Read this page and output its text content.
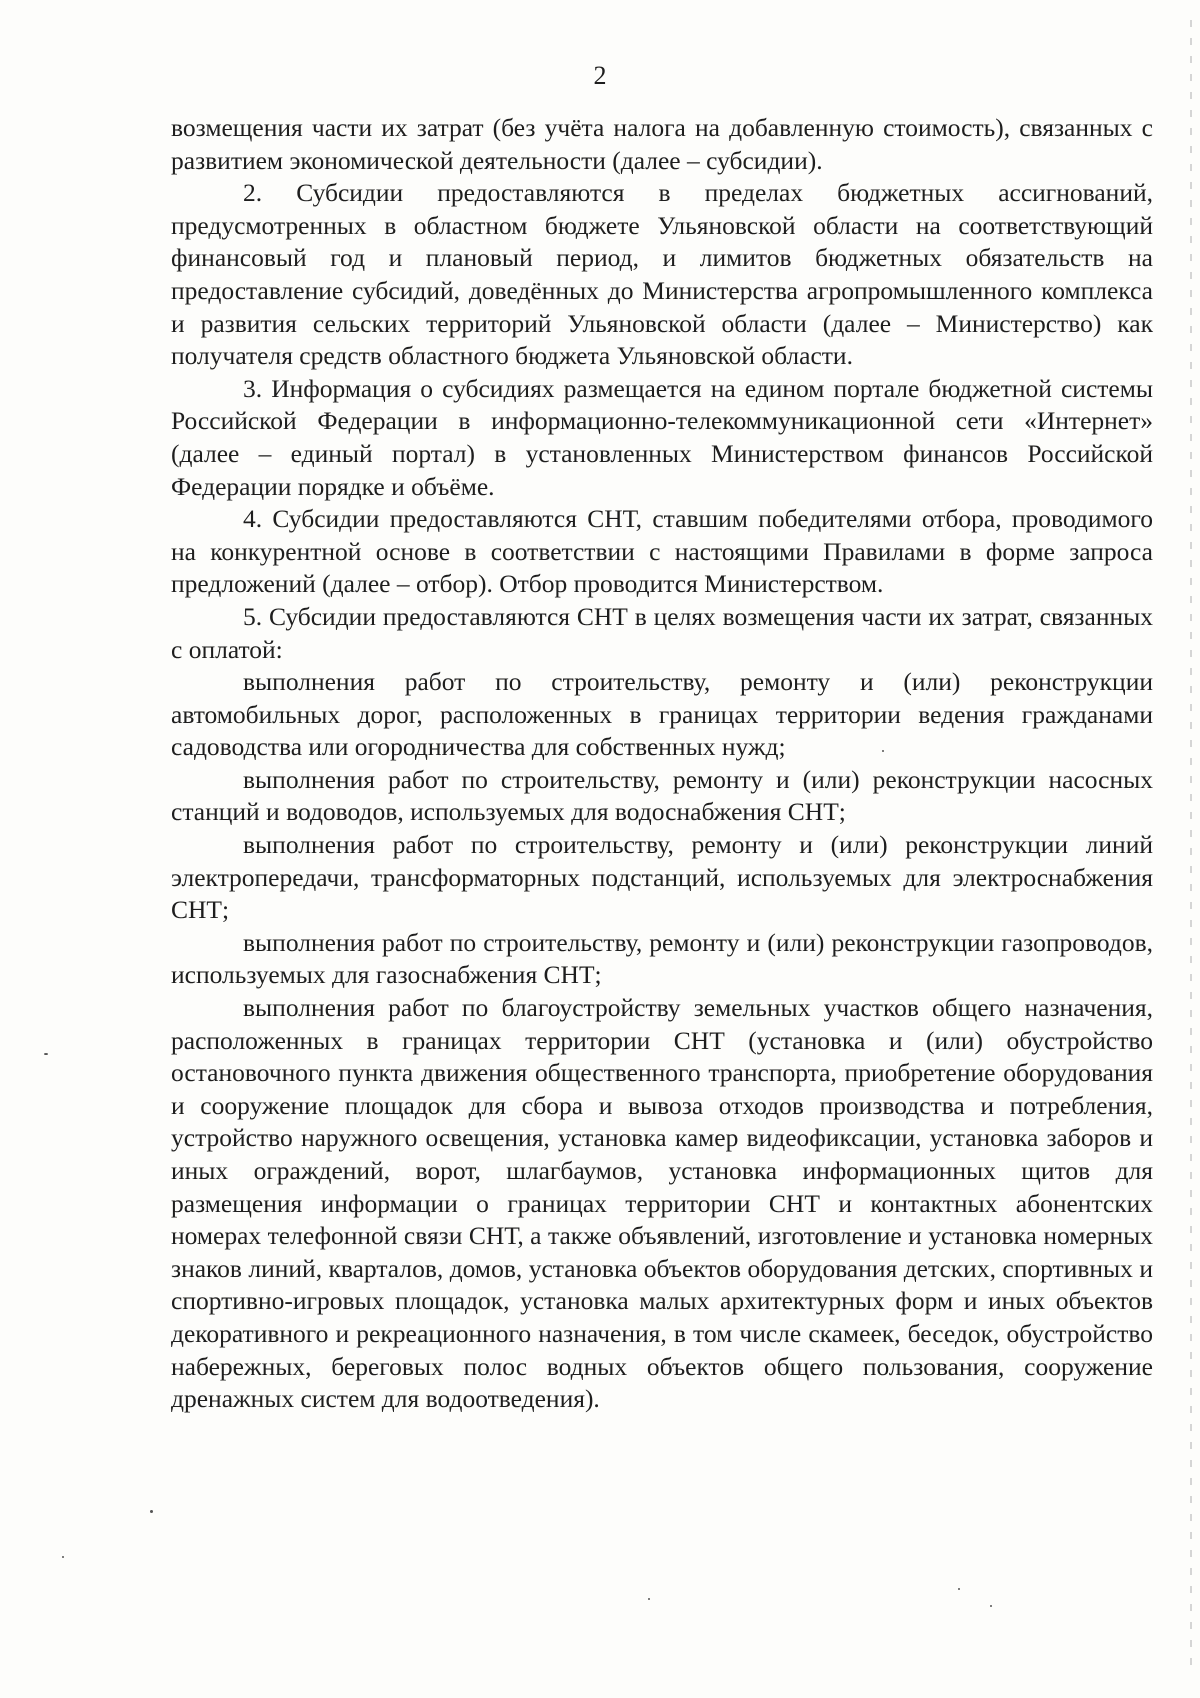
2

возмещения части их затрат (без учёта налога на добавленную стоимость), связанных с развитием экономической деятельности (далее – субсидии).

2. Субсидии предоставляются в пределах бюджетных ассигнований, предусмотренных в областном бюджете Ульяновской области на соответствующий финансовый год и плановый период, и лимитов бюджетных обязательств на предоставление субсидий, доведённых до Министерства агропромышленного комплекса и развития сельских территорий Ульяновской области (далее – Министерство) как получателя средств областного бюджета Ульяновской области.

3. Информация о субсидиях размещается на едином портале бюджетной системы Российской Федерации в информационно-телекоммуникационной сети «Интернет» (далее – единый портал) в установленных Министерством финансов Российской Федерации порядке и объёме.

4. Субсидии предоставляются СНТ, ставшим победителями отбора, проводимого на конкурентной основе в соответствии с настоящими Правилами в форме запроса предложений (далее – отбор). Отбор проводится Министерством.

5. Субсидии предоставляются СНТ в целях возмещения части их затрат, связанных с оплатой:

выполнения работ по строительству, ремонту и (или) реконструкции автомобильных дорог, расположенных в границах территории ведения гражданами садоводства или огородничества для собственных нужд;

выполнения работ по строительству, ремонту и (или) реконструкции насосных станций и водоводов, используемых для водоснабжения СНТ;

выполнения работ по строительству, ремонту и (или) реконструкции линий электропередачи, трансформаторных подстанций, используемых для электроснабжения СНТ;

выполнения работ по строительству, ремонту и (или) реконструкции газопроводов, используемых для газоснабжения СНТ;

выполнения работ по благоустройству земельных участков общего назначения, расположенных в границах территории СНТ (установка и (или) обустройство остановочного пункта движения общественного транспорта, приобретение оборудования и сооружение площадок для сбора и вывоза отходов производства и потребления, устройство наружного освещения, установка камер видеофиксации, установка заборов и иных ограждений, ворот, шлагбаумов, установка информационных щитов для размещения информации о границах территории СНТ и контактных абонентских номерах телефонной связи СНТ, а также объявлений, изготовление и установка номерных знаков линий, кварталов, домов, установка объектов оборудования детских, спортивных и спортивно-игровых площадок, установка малых архитектурных форм и иных объектов декоративного и рекреационного назначения, в том числе скамеек, беседок, обустройство набережных, береговых полос водных объектов общего пользования, сооружение дренажных систем для водоотведения).
